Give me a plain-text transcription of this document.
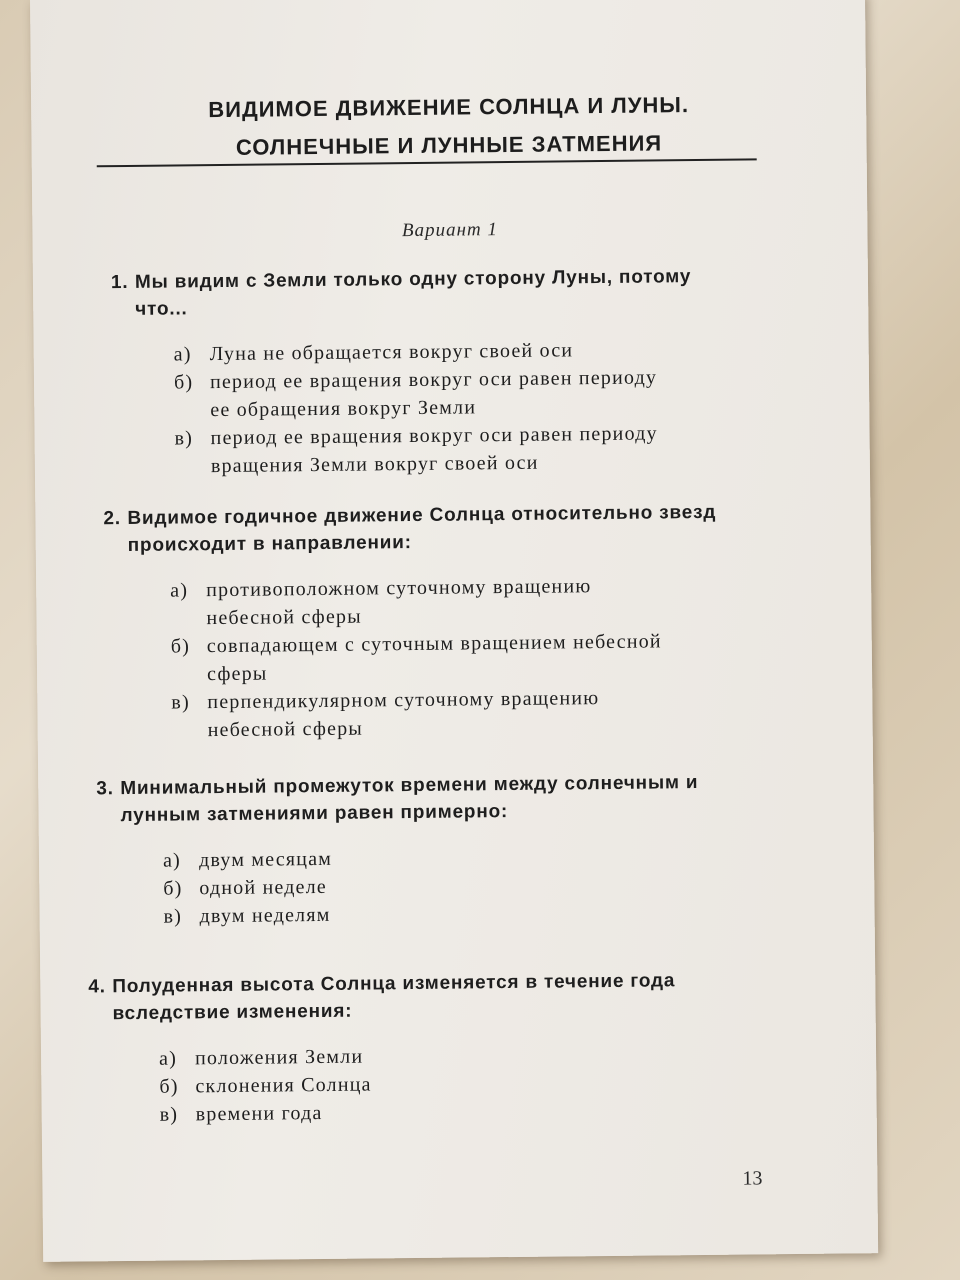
ВИДИМОЕ ДВИЖЕНИЕ СОЛНЦА И ЛУНЫ.
СОЛНЕЧНЫЕ И ЛУННЫЕ ЗАТМЕНИЯ
Вариант 1
1. Мы видим с Земли только одну сторону Луны, потому что...
а) Луна не обращается вокруг своей оси
б) период ее вращения вокруг оси равен периоду ее обращения вокруг Земли
в) период ее вращения вокруг оси равен периоду вращения Земли вокруг своей оси
2. Видимое годичное движение Солнца относительно звезд происходит в направлении:
а) противоположном суточному вращению небесной сферы
б) совпадающем с суточным вращением небесной сферы
в) перпендикулярном суточному вращению небесной сферы
3. Минимальный промежуток времени между солнечным и лунным затмениями равен примерно:
а) двум месяцам
б) одной неделе
в) двум неделям
4. Полуденная высота Солнца изменяется в течение года вследствие изменения:
а) положения Земли
б) склонения Солнца
в) времени года
13
